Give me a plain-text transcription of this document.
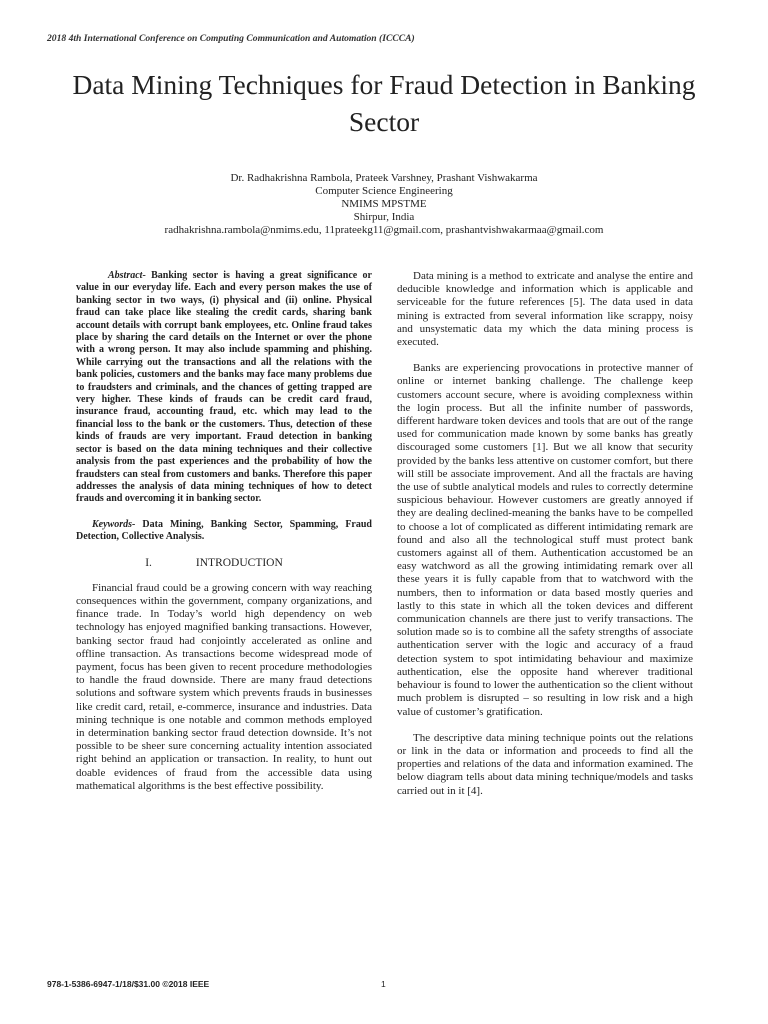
2018 4th International Conference on Computing Communication and Automation (ICCCA)
Data Mining Techniques for Fraud Detection in Banking Sector
Dr. Radhakrishna Rambola, Prateek Varshney, Prashant Vishwakarma
Computer Science Engineering
NMIMS MPSTME
Shirpur, India
radhakrishna.rambola@nmims.edu, 11prateekg11@gmail.com, prashantvishwakarmaa@gmail.com

Abstract- Banking sector is having a great significance or value in our everyday life. Each and every person makes the use of banking sector in two ways, (i) physical and (ii) online. Physical fraud can take place like stealing the credit cards, sharing bank account details with corrupt bank employees, etc. Online fraud takes place by sharing the card details on the Internet or over the phone with a wrong person. It may also include spamming and phishing. While carrying out the transactions and all the relations with the bank policies, customers and the banks may face many problems due to fraudsters and criminals, and the chances of getting trapped are very higher. These kinds of frauds can be credit card fraud, insurance fraud, accounting fraud, etc. which may lead to the financial loss to the bank or the customers. Thus, detection of these kinds of frauds are very important. Fraud detection in banking sector is based on the data mining techniques and their collective analysis from the past experiences and the probability of how the fraudsters can steal from customers and banks. Therefore this paper addresses the analysis of data mining techniques of how to detect frauds and overcoming it in banking sector.

Keywords- Data Mining, Banking Sector, Spamming, Fraud Detection, Collective Analysis.

I.	INTRODUCTION

Financial fraud could be a growing concern with way reaching consequences within the government, company organizations, and finance trade. In Today’s world high dependency on web technology has enjoyed magnified banking transactions. However, banking sector fraud had conjointly accelerated as online and offline transaction. As transactions become widespread mode of payment, focus has been given to recent procedure methodologies to handle the fraud downside. There are many fraud detections solutions and software system which prevents frauds in businesses like credit card, retail, e-commerce, insurance and industries. Data mining technique is one notable and common methods employed in determination banking sector fraud detection downside. It’s not possible to be sheer sure concerning actuality intention associated right behind an application or transaction. In reality, to hunt out doable evidences of fraud from the accessible data using mathematical algorithms is the best effective possibility.

Data mining is a method to extricate and analyse the entire and deducible knowledge and information which is applicable and serviceable for the future references [5]. The data used in data mining is extracted from several information like scrappy, noisy and unsystematic data my which the data mining process is executed.

Banks are experiencing provocations in protective manner of online or internet banking challenge. The challenge keep customers account secure, where is avoiding complexness within the login process. But all the infinite number of passwords, different hardware token devices and tools that are out of the range used for communication made known by some banks has greatly discouraged some customers [1]. But we all know that security provided by the banks less attentive on customer comfort, but there will still be associate improvement. And all the fractals are having the use of subtle analytical models and rules to correctly determine suspicious behaviour. However customers are greatly annoyed if they are dealing declined-meaning the banks have to be compelled to choose a lot of complicated as different intimidating remark are found and also all the technological stuff must protect bank customers against all of them. Authentication accustomed be an easy watchword as all the growing intimidating remark over all these years it is fully capable from that to watchword with the numbers, then to information or data based mostly queries and lastly to this state in which all the token devices and different communication channels are there just to verify transactions. The solution made so is to combine all the safety strengths of associate authentication server with the logic and accuracy of a fraud detection system to spot intimidating behaviour and maximize authentication, else the opposite hand wherever traditional behaviour is found to lower the authentication so the client without much problem is disrupted – so resulting in low risk and a high value of customer’s gratification.

The descriptive data mining technique points out the relations or link in the data or information and proceeds to find all the properties and relations of the data and information examined. The below diagram tells about data mining technique/models and tasks carried out in it [4].

978-1-5386-6947-1/18/$31.00 ©2018 IEEE	1
